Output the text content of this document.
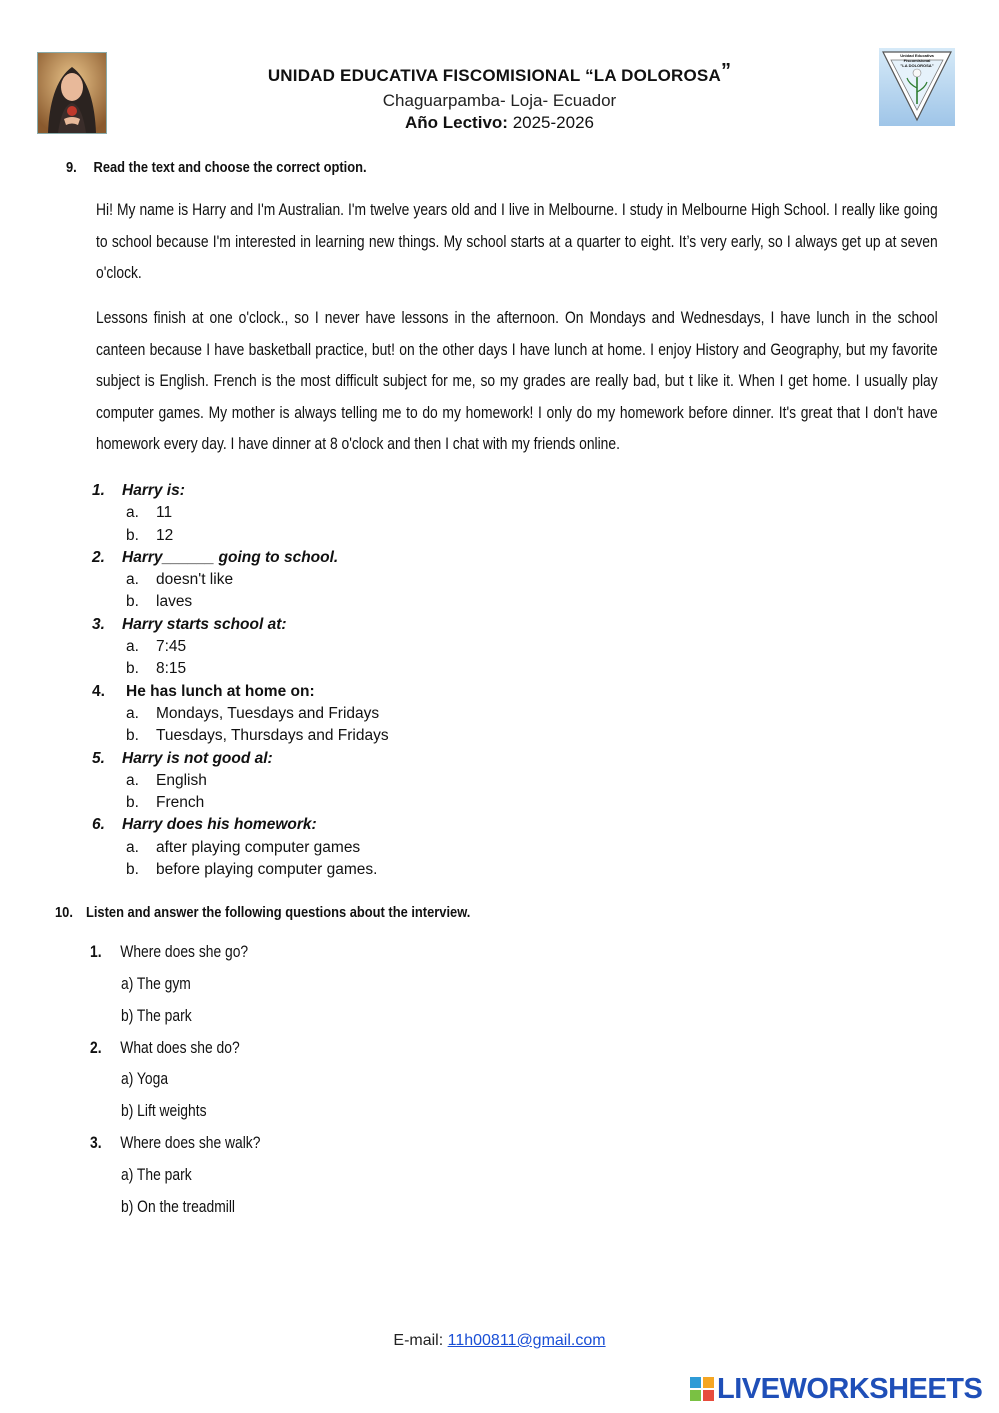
Unidad Educativa Fiscomisional
"LA DOLOROSA"
UNIDAD EDUCATIVA FISCOMISIONAL “LA DOLOROSA”
Chaguarpamba- Loja- Ecuador
Año Lectivo: 2025-2026
9. Read the text and choose the correct option.

Hi! My name is Harry and I'm Australian. I'm twelve years old and I live in Melbourne. I study in Melbourne High School. I really like going to school because I'm interested in learning new things. My school starts at a quarter to eight. It’s very early, so I always get up at seven o'clock.

Lessons finish at one o'clock., so I never have lessons in the afternoon. On Mondays and Wednesdays, I have lunch in the school canteen because I have basketball practice, but! on the other days I have lunch at home. I enjoy History and Geography, but my favorite subject is English. French is the most difficult subject for me, so my grades are really bad, but t like it. When I get home. I usually play computer games. My mother is always telling me to do my homework! I only do my homework before dinner. It's great that I don't have homework every day. I have dinner at 8 o'clock and then I chat with my friends online.

1. Harry is:
a. 11
b. 12
2. Harry______ going to school.
a. doesn't like
b. laves
3. Harry starts school at:
a. 7:45
b. 8:15
4. He has lunch at home on:
a. Mondays, Tuesdays and Fridays
b. Tuesdays, Thursdays and Fridays
5. Harry is not good al:
a. English
b. French
6. Harry does his homework:
a. after playing computer games
b. before playing computer games.
10. Listen and answer the following questions about the interview.
1. Where does she go?
a) The gym
b) The park
2. What does she do?
a) Yoga
b) Lift weights
3. Where does she walk?
a) The park
b) On the treadmill
E-mail: 11h00811@gmail.com
LIVEWORKSHEETS
